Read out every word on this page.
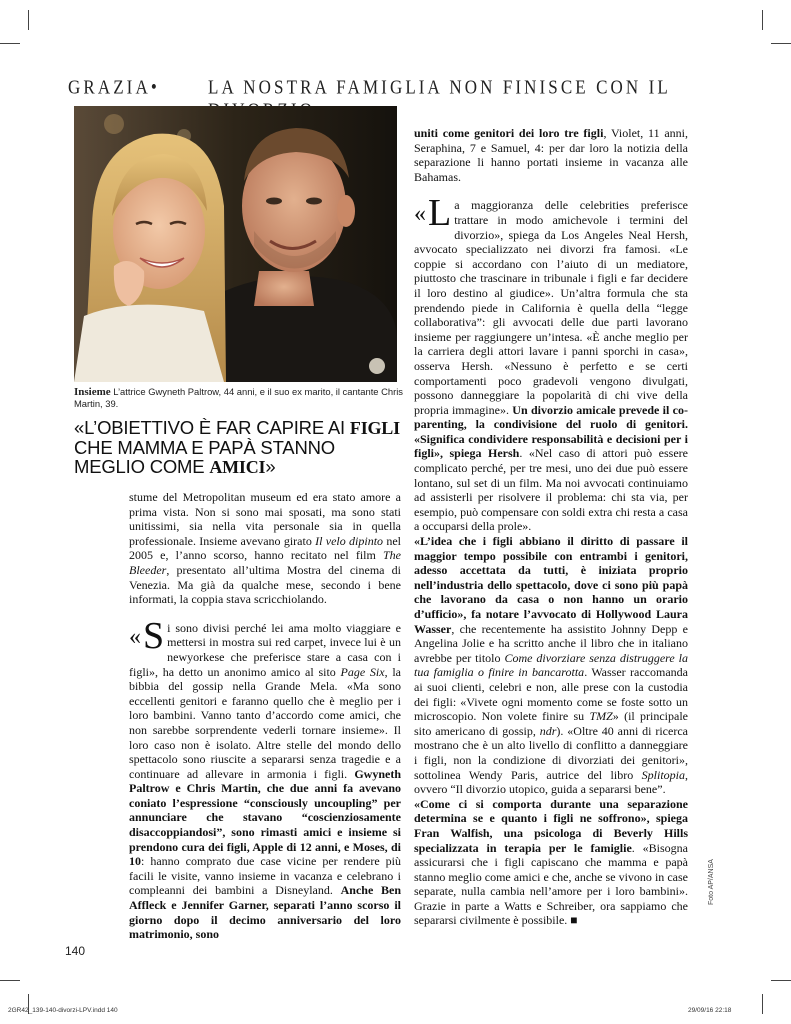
GRAZIA•	LA NOSTRA FAMIGLIA NON FINISCE CON IL
Insieme L’attrice Gwyneth Paltrow, 44 anni, e il suo ex marito, il cantante Chris Martin, 39.
«L’OBIETTIVO È FAR CAPIRE AI FIGLI CHE MAMMA E PAPÀ STANNO MEGLIO COME AMICI»

stume del Metropolitan museum ed era stato amore a prima vista. Non si sono mai sposati, ma sono stati unitissimi, sia nella vita personale sia in quella professionale. Insieme avevano girato Il velo dipinto nel 2005 e, l’anno scorso, hanno recitato nel film The Bleeder, presentato all’ultima Mostra del cinema di Venezia. Ma già da qualche mese, secondo i bene informati, la coppia stava scricchiolando.

«S i sono divisi perché lei ama molto viaggiare e mettersi in mostra sui red carpet, invece lui è un newyorkese che preferisce stare a casa con i figli», ha detto un anonimo amico al sito Page Six, la bibbia del gossip nella Grande Mela. «Ma sono eccellenti genitori e faranno quello che è meglio per i loro bambini. Vanno tanto d’accordo come amici, che non sarebbe sorprendente vederli tornare insieme». Il loro caso non è isolato. Altre stelle del mondo dello spettacolo sono riuscite a separarsi senza tragedie e a continuare ad allevare in armonia i figli. Gwyneth Paltrow e Chris Martin, che due anni fa avevano coniato l’espressione “consciously uncoupling” per annunciare che stavano “coscienziosamente disaccoppiandosi”, sono rimasti amici e insieme si prendono cura dei figli, Apple di 12 anni, e Moses, di 10: hanno comprato due case vicine per rendere più facili le visite, vanno insieme in vacanza e celebrano i compleanni dei bambini a Disneyland. Anche Ben Affleck e Jennifer Garner, separati l’anno scorso il giorno dopo il decimo anniversario del loro matrimonio, sono

uniti come genitori dei loro tre figli, Violet, 11 anni, Seraphina, 7 e Samuel, 4: per dar loro la notizia della separazione li hanno portati insieme in vacanza alle Bahamas.

«L a maggioranza delle celebrities preferisce trattare in modo amichevole i termini del divorzio», spiega da Los Angeles Neal Hersh, avvocato specializzato nei divorzi fra famosi. «Le coppie si accordano con l’aiuto di un mediatore, piuttosto che trascinare in tribunale i figli e far decidere il loro destino al giudice». Un’altra formula che sta prendendo piede in California è quella della “legge collaborativa”: gli avvocati delle due parti lavorano insieme per raggiungere un’intesa. «È anche meglio per la carriera degli attori lavare i panni sporchi in casa», osserva Hersh. «Nessuno è perfetto e se certi comportamenti poco gradevoli vengono divulgati, possono danneggiare la popolarità di chi vive della propria immagine». Un divorzio amicale prevede il co-parenting, la condivisione del ruolo di genitori. «Significa condividere responsabilità e decisioni per i figli», spiega Hersh. «Nel caso di attori può essere complicato perché, per tre mesi, uno dei due può essere lontano, sul set di un film. Ma noi avvocati continuiamo ad assisterli per risolvere il problema: chi sta via, per esempio, può compensare con soldi extra chi resta a casa a occuparsi della prole».

«L’idea che i figli abbiano il diritto di passare il maggior tempo possibile con entrambi i genitori, adesso accettata da tutti, è iniziata proprio nell’industria dello spettacolo, dove ci sono più papà che lavorano da casa o non hanno un orario d’ufficio», fa notare l’avvocato di Hollywood Laura Wasser, che recentemente ha assistito Johnny Depp e Angelina Jolie e ha scritto anche il libro che in italiano avrebbe per titolo Come divorziare senza distruggere la tua famiglia o finire in bancarotta. Wasser raccomanda ai suoi clienti, celebri e non, alle prese con la custodia dei figli: «Vivete ogni momento come se foste sotto un microscopio. Non volete finire su TMZ» (il principale sito americano di gossip, ndr). «Oltre 40 anni di ricerca mostrano che è un alto livello di conflitto a danneggiare i figli, non la condizione di divorziati dei genitori», sottolinea Wendy Paris, autrice del libro Splitopia, ovvero “Il divorzio utopico, guida a separarsi bene”.

«Come ci si comporta durante una separazione determina se e quanto i figli ne soffrono», spiega Fran Walfish, una psicologa di Beverly Hills specializzata in terapia per le famiglie. «Bisogna assicurarsi che i figli capiscano che mamma e papà stanno meglio come amici e che, anche se vivono in case separate, nulla cambia nell’amore per i loro bambini». Grazie in parte a Watts e Schreiber, ora sappiamo che separarsi civilmente è possibile. ■

140
Foto AP/ANSA
2GR42_139-140-divorzi-LPV.indd 140	29/09/16 22:18
